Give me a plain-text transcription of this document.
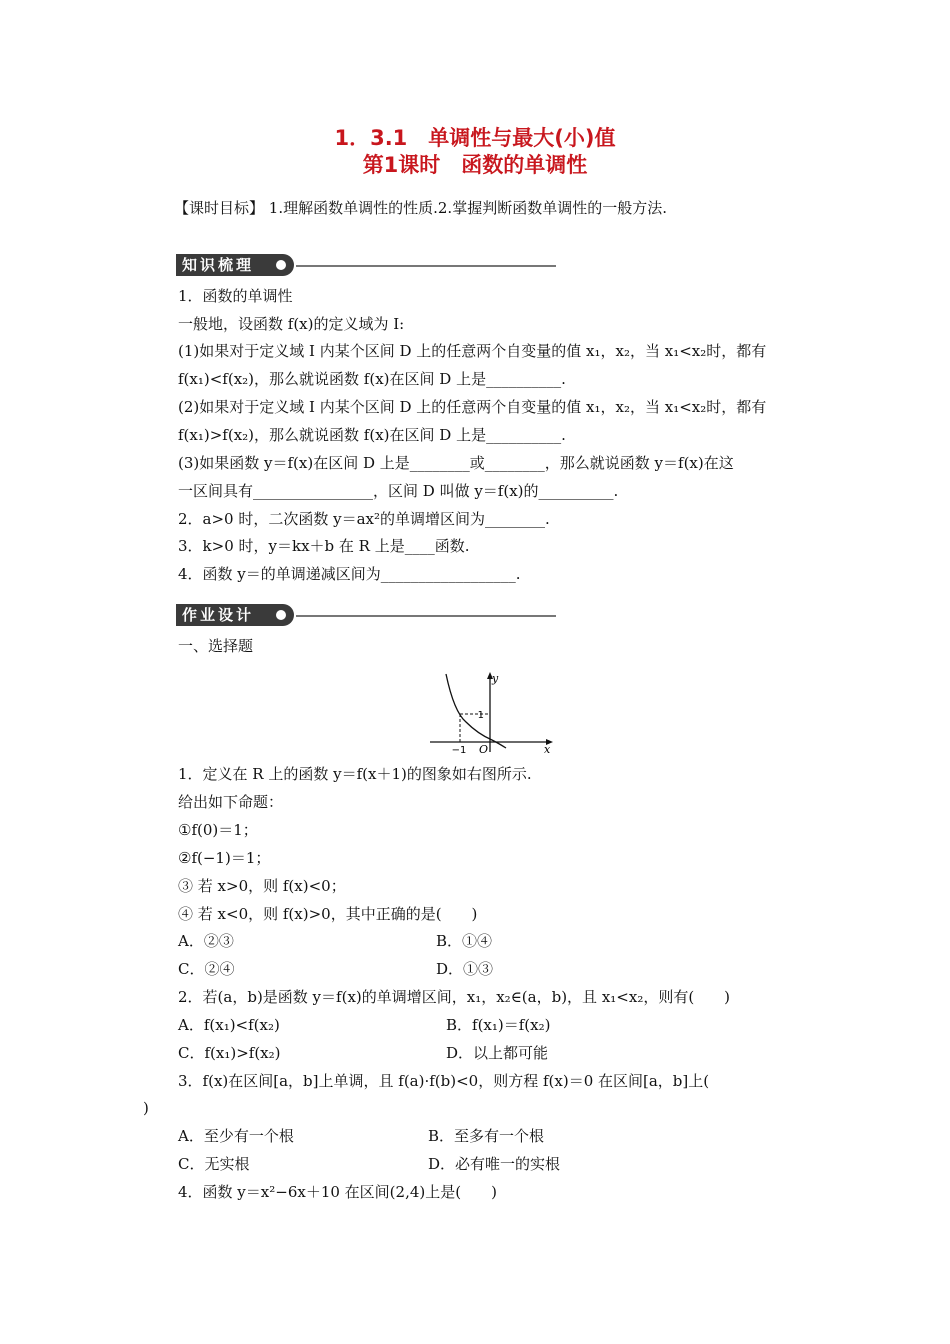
1．3.1　单调性与最大(小)值
第1课时　函数的单调性
【课时目标】 1.理解函数单调性的性质.2.掌握判断函数单调性的一般方法.
知识梳理
1．函数的单调性
一般地，设函数 f(x)的定义域为 I:
(1)如果对于定义域 I 内某个区间 D 上的任意两个自变量的值 x₁，x₂，当 x₁<x₂时，都有
f(x₁)<f(x₂)，那么就说函数 f(x)在区间 D 上是__________.
(2)如果对于定义域 I 内某个区间 D 上的任意两个自变量的值 x₁，x₂，当 x₁<x₂时，都有
f(x₁)>f(x₂)，那么就说函数 f(x)在区间 D 上是__________.
(3)如果函数 y＝f(x)在区间 D 上是________或________，那么就说函数 y＝f(x)在这
一区间具有________________，区间 D 叫做 y＝f(x)的__________.
2．a>0 时，二次函数 y＝ax²的单调增区间为________.
3．k>0 时，y＝kx＋b 在 R 上是____函数.
4．函数 y＝的单调递减区间为__________________.
作业设计
一、选择题
y
x
1
−1 O
1．定义在 R 上的函数 y＝f(x＋1)的图象如右图所示.
给出如下命题：
①f(0)＝1；
②f(−1)＝1；
③ 若 x>0，则 f(x)<0；
④ 若 x<0，则 f(x)>0，其中正确的是(　　)
A．②③	B．①④
C．②④	D．①③
2．若(a，b)是函数 y＝f(x)的单调增区间，x₁，x₂∈(a，b)，且 x₁<x₂，则有(　　)
A．f(x₁)<f(x₂)	B．f(x₁)＝f(x₂)
C．f(x₁)>f(x₂)	D．以上都可能
3．f(x)在区间[a，b]上单调，且 f(a)·f(b)<0，则方程 f(x)＝0 在区间[a，b]上(
)
A．至少有一个根	B．至多有一个根
C．无实根	D．必有唯一的实根
4．函数 y＝x²−6x＋10 在区间(2,4)上是(　　)
